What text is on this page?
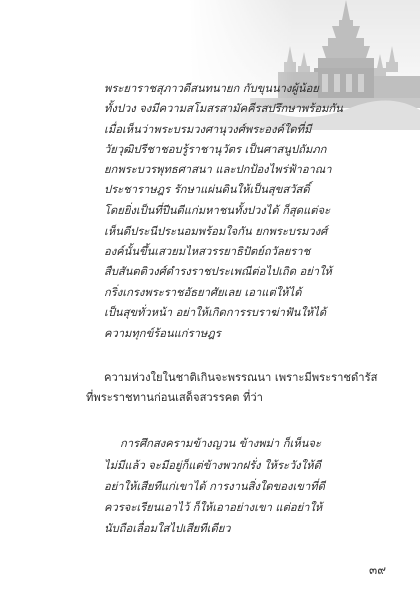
พระยาราชสุภาวดีสนทนายก กับขุนนางผู้น้อย
ทั้งปวง จงมีความสโมสรสามัคคีรสปรึกษาพร้อมกัน
เมื่อเห็นว่าพระบรมวงศานุวงศ์พระองค์ใดที่มี
วัยวุฒิปรีชาชอบรู้ราชานุวัตร เป็นศาสนูปถัมภก
ยกพระบวรพุทธศาสนา และปกป้องไพร่ฟ้าอาณา
ประชาราษฎร รักษาแผ่นดินให้เป็นสุขสวัสดิ์
โดยยิ่งเป็นที่ปีนดีแก่มหาชนทั้งปวงได้ ก็สุดแต่จะ
เห็นดีประนีประนอมพร้อมใจกัน ยกพระบรมวงศ์
องค์นั้นขึ้นเสวยมไหสวรรยาธิปัตย์ถวัลยราช
สืบสันตติวงศ์ดำรงราชประเพณีต่อไปเถิด อย่าให้
กริ่งเกรงพระราชอัธยาศัยเลย เอาแต่ให้ได้
เป็นสุขทั่วหน้า อย่าให้เกิดการรบราฆ่าฟันให้ได้
ความทุกข์ร้อนแก่ราษฎร
ความห่วงใยในชาติเกินจะพรรณนา เพราะมีพระราชดำรัส
ที่พระราชทานก่อนเสด็จสวรรคต ที่ว่า
การศึกสงครามข้างญวน ข้างพม่า ก็เห็นจะ
ไม่มีแล้ว จะมีอยู่ก็แต่ข้างพวกฝรั่ง ให้ระวังให้ดี
อย่าให้เสียทีแก่เขาได้ การงานสิ่งใดของเขาที่ดี
ควรจะเรียนเอาไว้ ก็ให้เอาอย่างเขา แต่อย่าให้
นับถือเลื่อมใสไปเสียทีเดียว
๓๙
